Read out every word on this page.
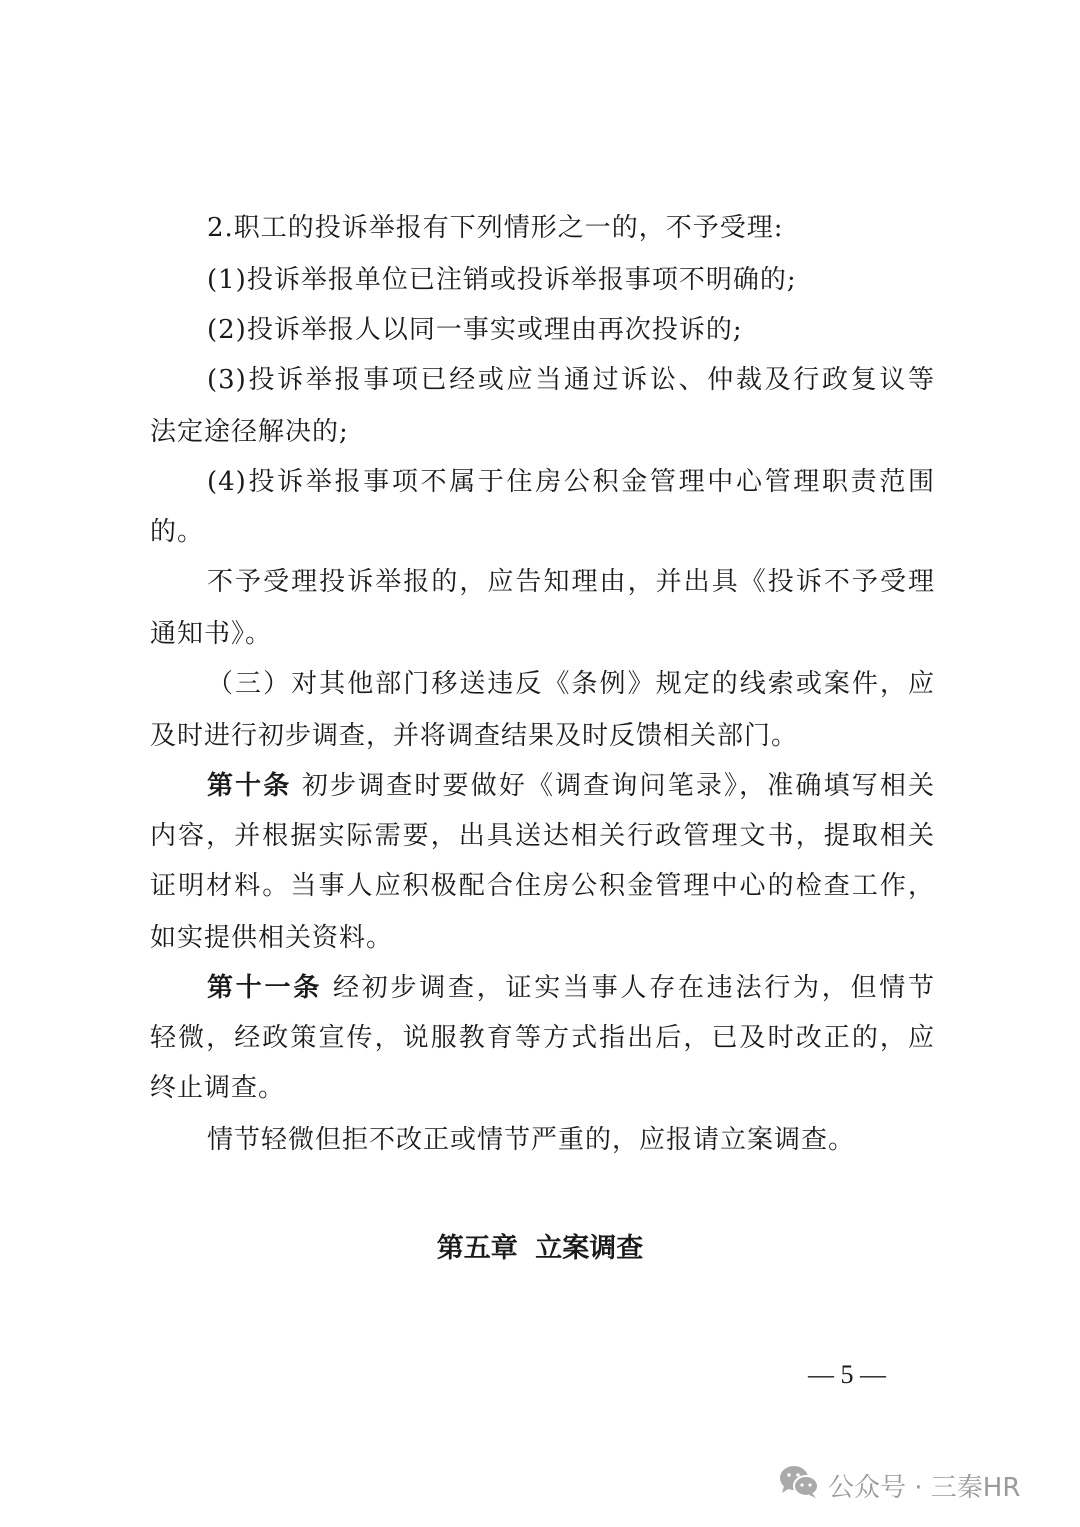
2.职工的投诉举报有下列情形之一的，不予受理:
(1)投诉举报单位已注销或投诉举报事项不明确的;
(2)投诉举报人以同一事实或理由再次投诉的;
(3)投诉举报事项已经或应当通过诉讼、仲裁及行政复议等
法定途径解决的;
(4)投诉举报事项不属于住房公积金管理中心管理职责范围
的。
不予受理投诉举报的，应告知理由，并出具《投诉不予受理
通知书》。
（三）对其他部门移送违反《条例》规定的线索或案件，应
及时进行初步调查，并将调查结果及时反馈相关部门。
第十条 初步调查时要做好《调查询问笔录》，准确填写相关
内容，并根据实际需要，出具送达相关行政管理文书，提取相关
证明材料。当事人应积极配合住房公积金管理中心的检查工作，
如实提供相关资料。
第十一条 经初步调查，证实当事人存在违法行为，但情节
轻微，经政策宣传，说服教育等方式指出后，已及时改正的，应
终止调查。
情节轻微但拒不改正或情节严重的，应报请立案调查。
第五章 立案调查
— 5 —
公众号 · 三秦HR
